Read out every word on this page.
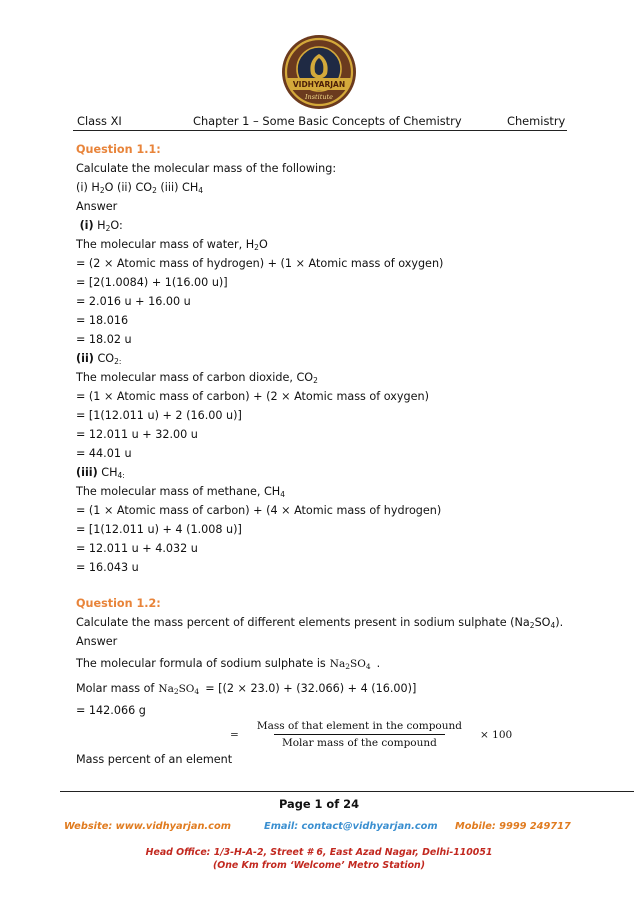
VIDHYARJAN
Institute
Class XI	Chapter 1 – Some Basic Concepts of Chemistry	Chemistry
Question 1.1:
Calculate the molecular mass of the following:
(i) $H_2O$ (ii) $CO_2$ (iii) $CH_4$
Answer
(i) $H_2O$:
The molecular mass of water, $H_2O$
= (2 × Atomic mass of hydrogen) + (1 × Atomic mass of oxygen)
= [2(1.0084) + 1(16.00 u)]
= 2.016 u + 16.00 u
= 18.016
= 18.02 u
(ii) $CO_{2:}$
The molecular mass of carbon dioxide, $CO_2$
= (1 × Atomic mass of carbon) + (2 × Atomic mass of oxygen)
= [1(12.011 u) + 2 (16.00 u)]
= 12.011 u + 32.00 u
= 44.01 u
(iii) $CH_{4:}$
The molecular mass of methane, $CH_4$
= (1 × Atomic mass of carbon) + (4 × Atomic mass of hydrogen)
= [1(12.011 u) + 4 (1.008 u)]
= 12.011 u + 4.032 u
= 16.043 u
Question 1.2:
Calculate the mass percent of different elements present in sodium sulphate $(Na_2SO_4)$.
Answer
The molecular formula of sodium sulphate is $Na_2SO_4$ .
Molar mass of $Na_2SO_4 = [(2 \times 23.0) + (32.066) + 4$ (16.00)]
= 142.066 g
= $\frac{\text{Mass of that element in the compound}}{\text{Molar mass of the compound}} \times 100$
Mass percent of an element
Page 1 of 24
Website: www.vidhyarjan.com	Email: contact@vidhyarjan.com Mobile: 9999 249717
Head Office: 1/3-H-A-2, Street # 6, East Azad Nagar, Delhi-110051
(One Km from ‘Welcome’ Metro Station)
